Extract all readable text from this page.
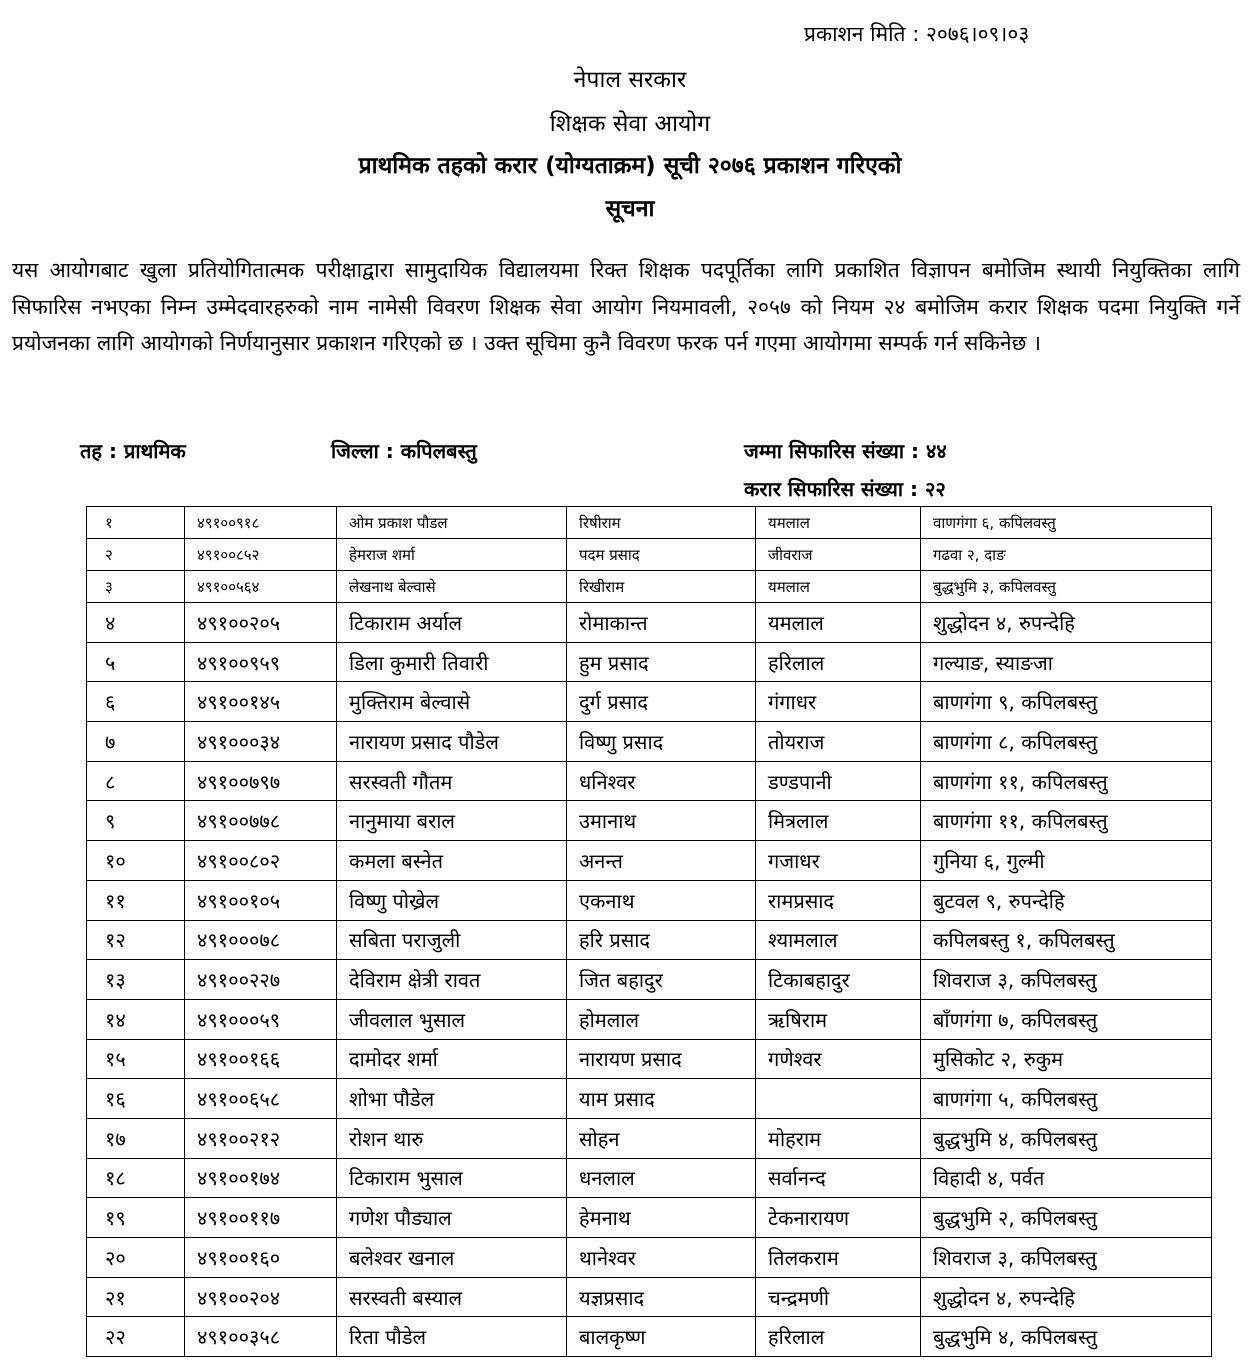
प्रकाशन मिति : २०७६।०९।०३
नेपाल सरकार
शिक्षक सेवा आयोग
प्राथमिक तहको करार (योग्यताक्रम) सूची २०७६ प्रकाशन गरिएको
सूचना
यस आयोगबाट खुला प्रतियोगितात्मक परीक्षाद्वारा सामुदायिक विद्यालयमा रिक्त शिक्षक पदपूर्तिका लागि प्रकाशित विज्ञापन बमोजिम स्थायी नियुक्तिका लागि सिफारिस नभएका निम्न उम्मेदवारहरुको नाम नामेसी विवरण शिक्षक सेवा आयोग नियमावली, २०५७ को नियम २४ बमोजिम करार शिक्षक पदमा नियुक्ति गर्ने प्रयोजनका लागि आयोगको निर्णयानुसार प्रकाशन गरिएको छ । उक्त सूचिमा कुनै विवरण फरक पर्न गएमा आयोगमा सम्पर्क गर्न सकिनेछ ।
तह : प्राथमिक	जिल्ला : कपिलबस्तु	जम्मा सिफारिस संख्या : ४४
करार सिफारिस संख्या : २२
१	४९१००९१८	ओम प्रकाश पौडल	रिषीराम	यमलाल	वाणगंगा ६, कपिलवस्तु
२	४९१००८५२	हेमराज शर्मा	पदम प्रसाद	जीवराज	गढवा २, दाङ
३	४९१००५६४	लेखनाथ बेल्वासे	रिखीराम	यमलाल	बुद्धभुमि ३, कपिलवस्तु
४	४९१००२०५	टिकाराम अर्याल	रोमाकान्त	यमलाल	शुद्धोदन ४, रुपन्देहि
५	४९१००९५९	डिला कुमारी तिवारी	हुम प्रसाद	हरिलाल	गल्याङ, स्याङजा
६	४९१००१४५	मुक्तिराम बेल्वासे	दुर्ग प्रसाद	गंगाधर	बाणगंगा ९, कपिलबस्तु
७	४९१०००३४	नारायण प्रसाद पौडेल	विष्णु प्रसाद	तोयराज	बाणगंगा ८, कपिलबस्तु
८	४९१००७९७	सरस्वती गौतम	धनिश्वर	डण्डपानी	बाणगंगा ११, कपिलबस्तु
९	४९१००७७८	नानुमाया बराल	उमानाथ	मित्रलाल	बाणगंगा ११, कपिलबस्तु
१०	४९१००८०२	कमला बस्नेत	अनन्त	गजाधर	गुनिया ६, गुल्मी
११	४९१००१०५	विष्णु पोख्रेल	एकनाथ	रामप्रसाद	बुटवल ९, रुपन्देहि
१२	४९१०००७८	सबिता पराजुली	हरि प्रसाद	श्यामलाल	कपिलबस्तु १, कपिलबस्तु
१३	४९१००२२७	देविराम क्षेत्री रावत	जित बहादुर	टिकाबहादुर	शिवराज ३, कपिलबस्तु
१४	४९१०००५९	जीवलाल भुसाल	होमलाल	ऋषिराम	बाँणगंगा ७, कपिलबस्तु
१५	४९१००१६६	दामोदर शर्मा	नारायण प्रसाद	गणेश्वर	मुसिकोट २, रुकुम
१६	४९१००६५८	शोभा पौडेल	याम प्रसाद		बाणगंगा ५, कपिलबस्तु
१७	४९१००२१२	रोशन थारु	सोहन	मोहराम	बुद्धभुमि ४, कपिलबस्तु
१८	४९१००१७४	टिकाराम भुसाल	धनलाल	सर्वानन्द	विहादी ४, पर्वत
१९	४९१००११७	गणेश पौड्याल	हेमनाथ	टेकनारायण	बुद्धभुमि २, कपिलबस्तु
२०	४९१००१६०	बलेश्वर खनाल	थानेश्वर	तिलकराम	शिवराज ३, कपिलबस्तु
२१	४९१००२०४	सरस्वती बस्याल	यज्ञप्रसाद	चन्द्रमणी	शुद्धोदन ४, रुपन्देहि
२२	४९१००३५८	रिता पौडेल	बालकृष्ण	हरिलाल	बुद्धभुमि ४, कपिलबस्तु
